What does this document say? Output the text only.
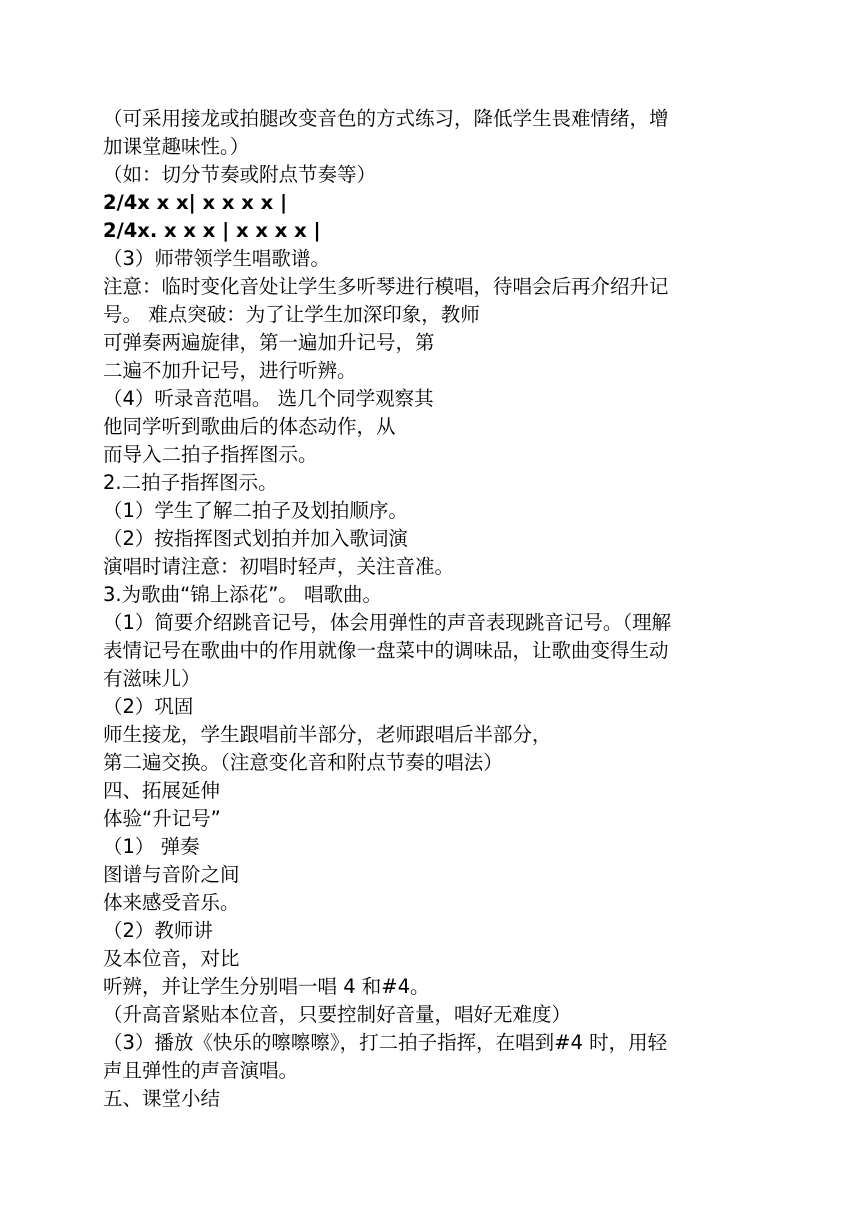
（可采用接龙或拍腿改变音色的方式练习，降低学生畏难情绪，增
加课堂趣味性。）
（如：切分节奏或附点节奏等）
2/4x x x| x x x x |
2/4x. x x x | x x x x |
（3）师带领学生唱歌谱。
注意：临时变化音处让学生多听琴进行模唱，待唱会后再介绍升记
号。 难点突破：为了让学生加深印象，教师
可弹奏两遍旋律，第一遍加升记号，第
二遍不加升记号，进行听辨。
（4）听录音范唱。 选几个同学观察其
他同学听到歌曲后的体态动作，从
而导入二拍子指挥图示。
2.二拍子指挥图示。
（1）学生了解二拍子及划拍顺序。
（2）按指挥图式划拍并加入歌词演
演唱时请注意：初唱时轻声，关注音准。
3.为歌曲“锦上添花”。 唱歌曲。
（1）简要介绍跳音记号，体会用弹性的声音表现跳音记号。（理解
表情记号在歌曲中的作用就像一盘菜中的调味品，让歌曲变得生动
有滋味儿）
（2）巩固
师生接龙，学生跟唱前半部分，老师跟唱后半部分，
第二遍交换。（注意变化音和附点节奏的唱法）
四、拓展延伸
体验“升记号”
（1） 弹奏
图谱与音阶之间
体来感受音乐。
（2）教师讲
及本位音，对比
听辨，并让学生分别唱一唱 4 和#4。
（升高音紧贴本位音，只要控制好音量，唱好无难度）
（3）播放《快乐的嚓嚓嚓》，打二拍子指挥，在唱到#4 时，用轻
声且弹性的声音演唱。
五、课堂小结
